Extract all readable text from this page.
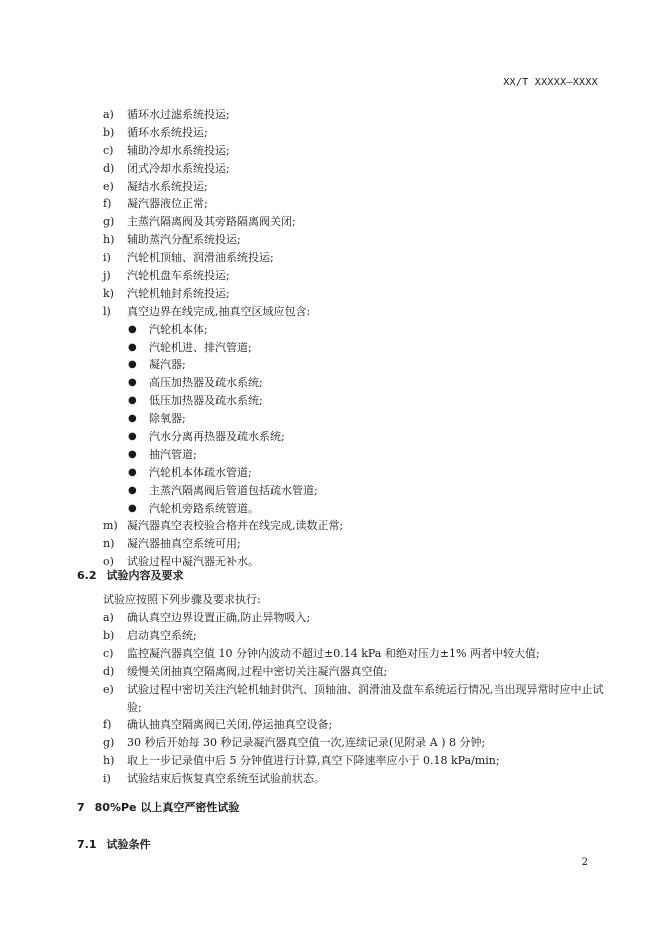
XX/T XXXXX—XXXX
a)	循环水过滤系统投运;
b)	循环水系统投运;
c)	辅助冷却水系统投运;
d)	闭式冷却水系统投运;
e)	凝结水系统投运;
f)	凝汽器液位正常;
g)	主蒸汽隔离阀及其旁路隔离阀关闭;
h)	辅助蒸汽分配系统投运;
i)	汽轮机顶轴、润滑油系统投运;
j)	汽轮机盘车系统投运;
k)	汽轮机轴封系统投运;
l)	真空边界在线完成,抽真空区域应包含:
● 汽轮机本体;
● 汽轮机进、排汽管道;
● 凝汽器;
● 高压加热器及疏水系统;
● 低压加热器及疏水系统;
● 除氧器;
● 汽水分离再热器及疏水系统;
● 抽汽管道;
● 汽轮机本体疏水管道;
● 主蒸汽隔离阀后管道包括疏水管道;
● 汽轮机旁路系统管道。
m) 凝汽器真空表校验合格并在线完成,读数正常;
n)	凝汽器抽真空系统可用;
o)	试验过程中凝汽器无补水。
6.2 试验内容及要求
试验应按照下列步骤及要求执行:
a)	确认真空边界设置正确,防止异物吸入;
b)	启动真空系统;
c)	监控凝汽器真空值 10 分钟内波动不超过±0.14 kPa 和绝对压力±1% 两者中较大值;
d)	缓慢关闭抽真空隔离阀,过程中密切关注凝汽器真空值;
e)	试验过程中密切关注汽轮机轴封供汽、顶轴油、润滑油及盘车系统运行情况,当出现异常时应中止试验;
f)	确认抽真空隔离阀已关闭,停运抽真空设备;
g)	30 秒后开始每 30 秒记录凝汽器真空值一次,连续记录(见附录 A ) 8 分钟;
h)	取上一步记录值中后 5 分钟值进行计算,真空下降速率应小于 0.18 kPa/min;
i)	试验结束后恢复真空系统至试验前状态。
7 80%Pe 以上真空严密性试验
7.1 试验条件
2
